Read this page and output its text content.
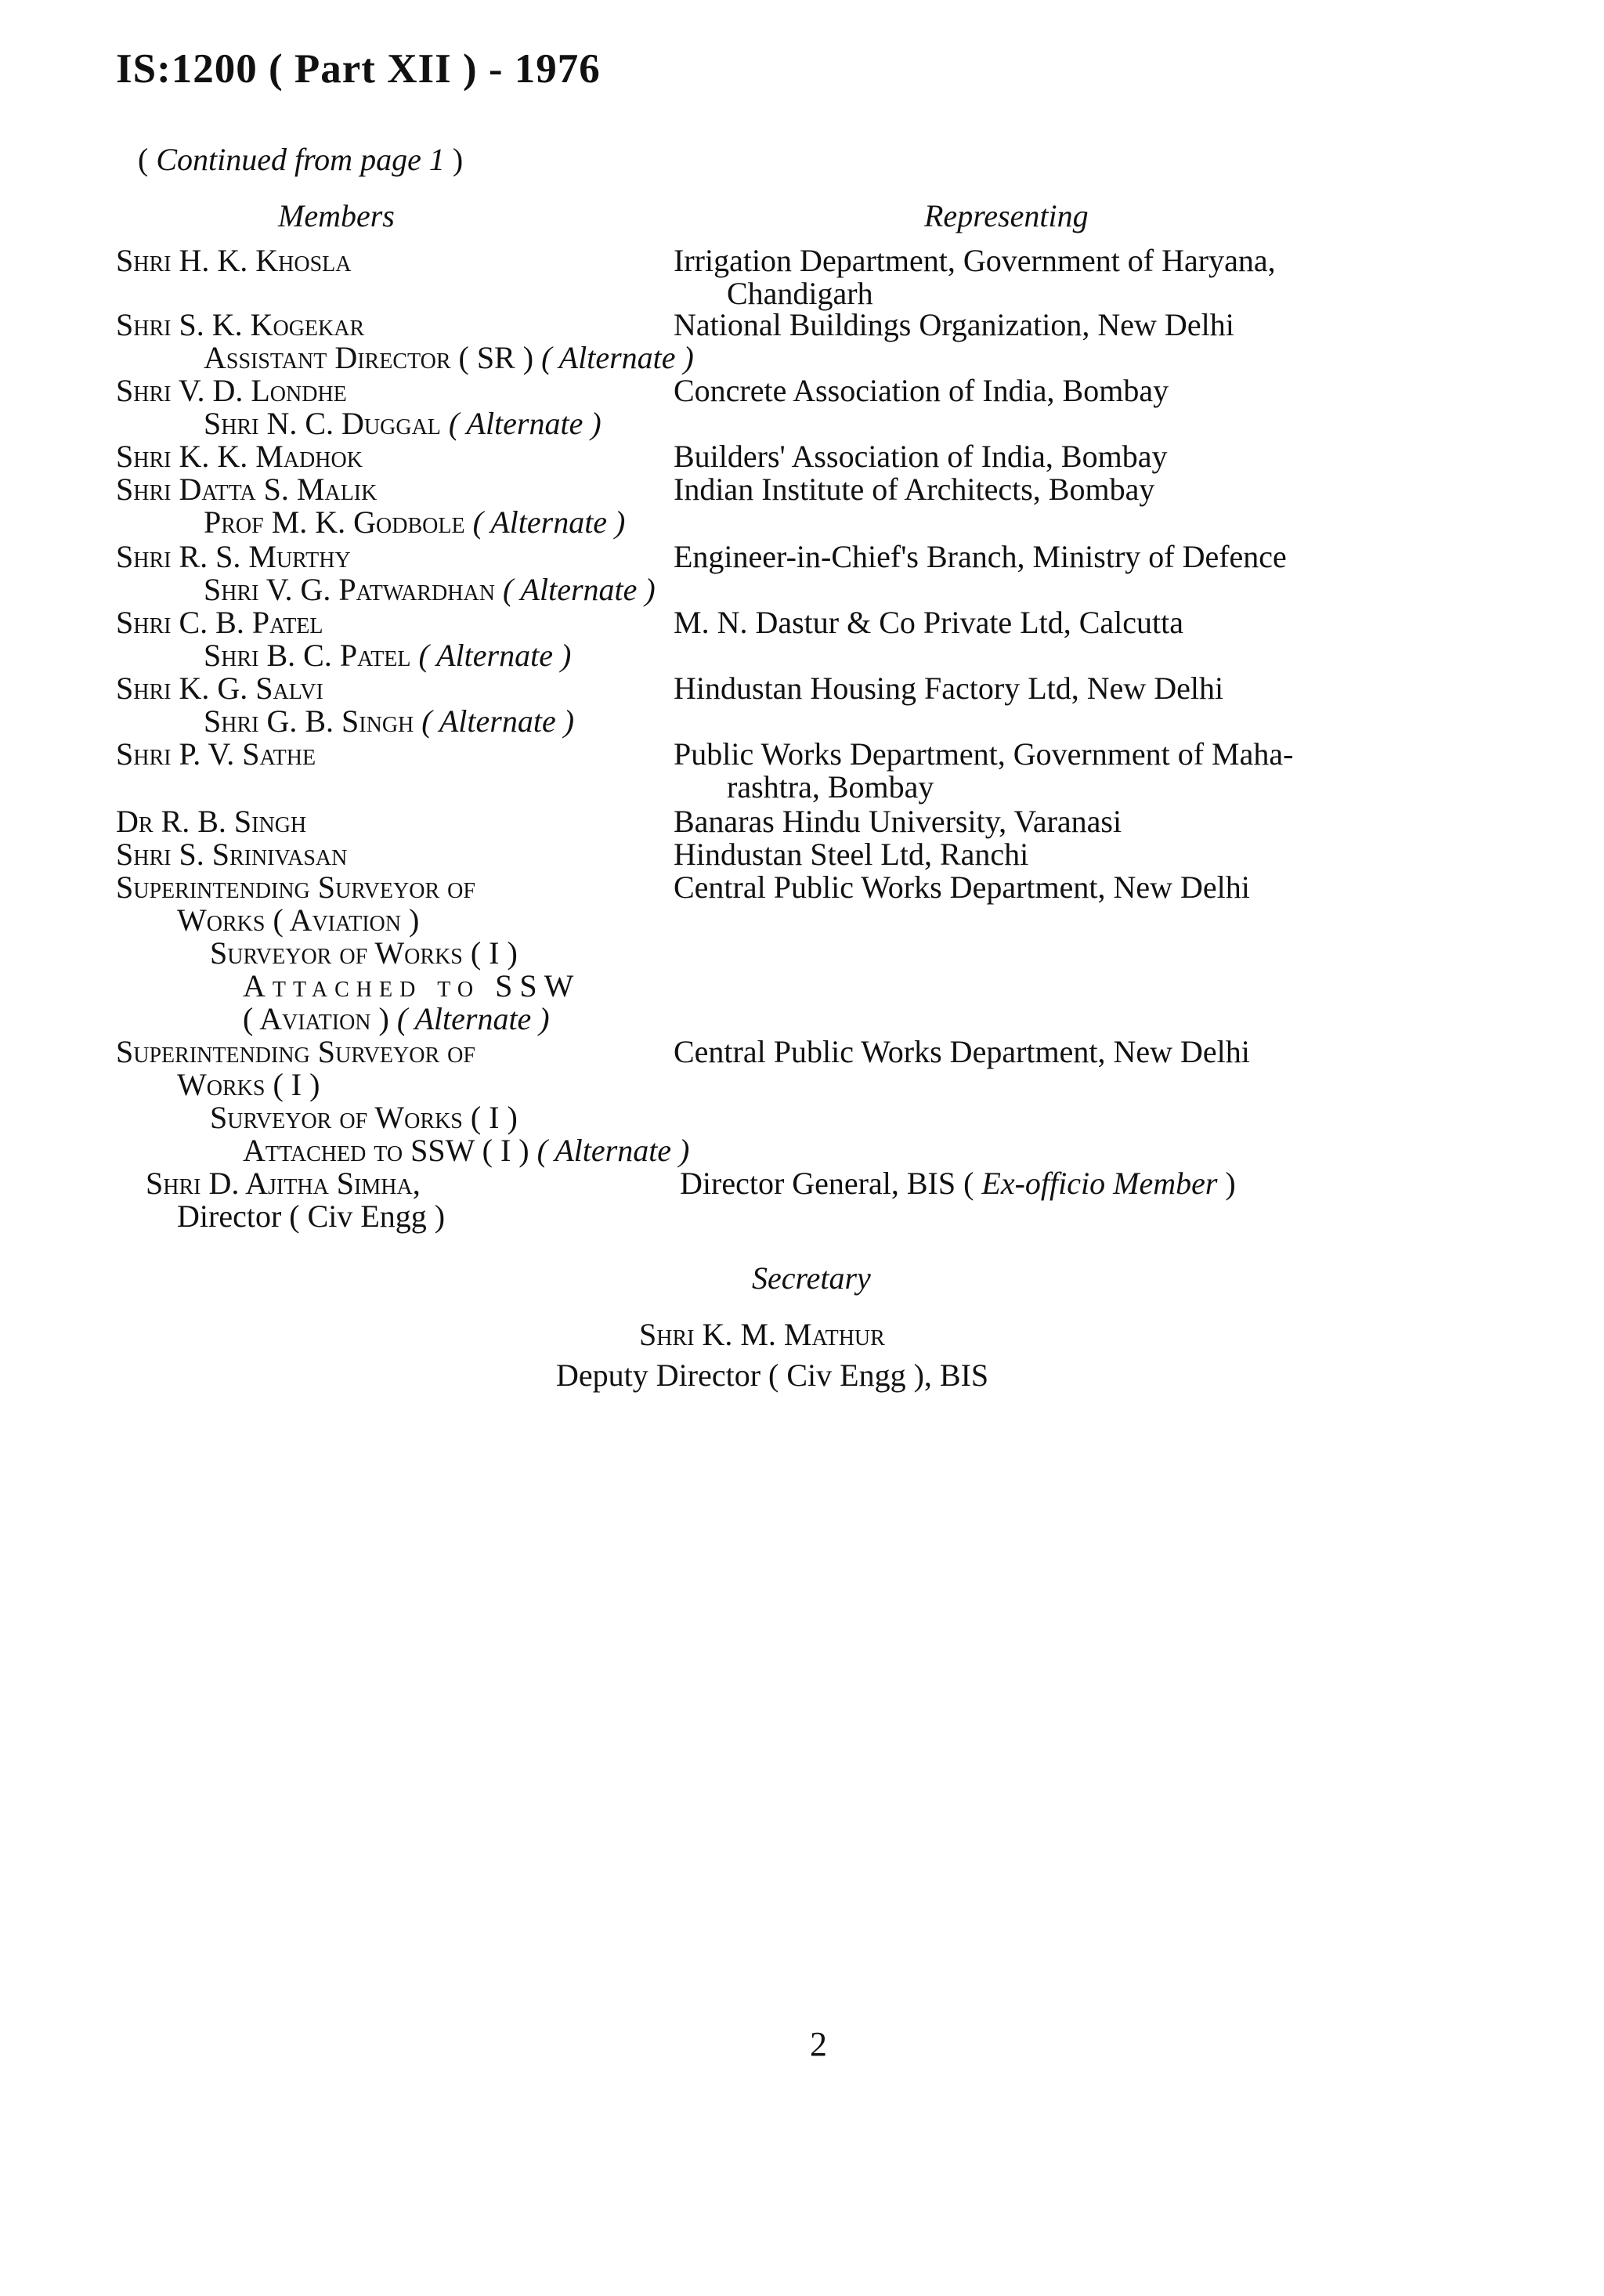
IS:1200 ( Part XII ) - 1976
( Continued from page 1 )
Members	Representing
Shri H. K. Khosla	Irrigation Department, Government of Haryana,
Chandigarh
Shri S. K. Kogekar	National Buildings Organization, New Delhi
Assistant Director ( SR ) ( Alternate )
Shri V. D. Londhe	Concrete Association of India, Bombay
Shri N. C. Duggal ( Alternate )
Shri K. K. Madhok	Builders' Association of India, Bombay
Shri Datta S. Malik	Indian Institute of Architects, Bombay
Prof M. K. Godbole ( Alternate )
Shri R. S. Murthy	Engineer-in-Chief's Branch, Ministry of Defence
Shri V. G. Patwardhan ( Alternate )
Shri C. B. Patel	M. N. Dastur & Co Private Ltd, Calcutta
Shri B. C. Patel ( Alternate )
Shri K. G. Salvi	Hindustan Housing Factory Ltd, New Delhi
Shri G. B. Singh ( Alternate )
Shri P. V. Sathe	Public Works Department, Government of Maha-
rashtra, Bombay
Dr R. B. Singh	Banaras Hindu University, Varanasi
Shri S. Srinivasan	Hindustan Steel Ltd, Ranchi
Superintending Surveyor of	Central Public Works Department, New Delhi
Works ( Aviation )
Surveyor of Works ( I )
Attached to SSW
( Aviation ) ( Alternate )
Superintending Surveyor of	Central Public Works Department, New Delhi
Works ( I )
Surveyor of Works ( I )
Attached to SSW ( I ) ( Alternate )
Shri D. Ajitha Simha,	Director General, BIS ( Ex-officio Member )
Director ( Civ Engg )
Secretary
Shri K. M. Mathur
Deputy Director ( Civ Engg ), BIS
2
